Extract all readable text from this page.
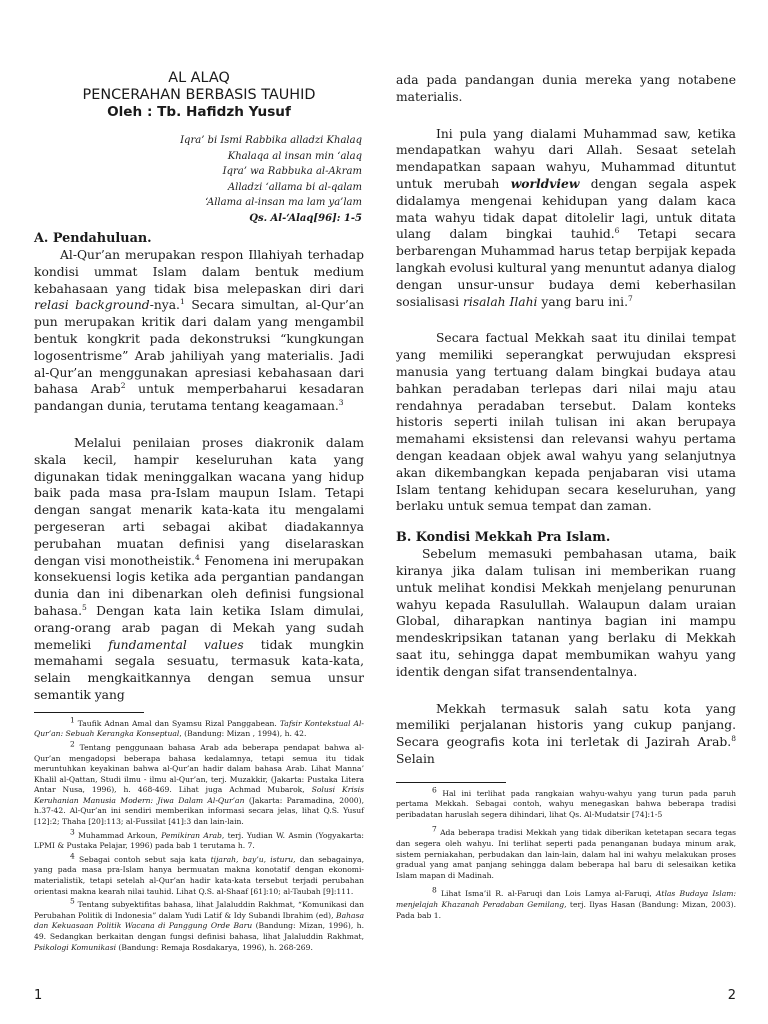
AL ALAQ
PENCERAHAN BERBASIS TAUHID
Oleh : Tb. Hafidzh Yusuf
Iqra’ bi Ismi Rabbika alladzi Khalaq
Khalaqa al insan min ‘alaq
Iqra’ wa Rabbuka al-Akram
Alladzi ‘allama bi al-qalam
‘Allama al-insan ma lam ya’lam
Qs. Al-‘Alaq[96]: 1-5
A. Pendahuluan.

Al-Qur’an merupakan respon Illahiyah terhadap kondisi ummat Islam dalam bentuk medium kebahasaan yang tidak bisa melepaskan diri dari relasi background-nya.$^1$ Secara simultan, al-Qur’an pun merupakan kritik dari dalam yang mengambil bentuk kongkrit pada dekonstruksi “kungkungan logosentrisme” Arab jahiliyah yang materialis. Jadi al-Qur’an menggunakan apresiasi kebahasaan dari bahasa Arab$^2$ untuk memperbaharui kesadaran pandangan dunia, terutama tentang keagamaan.$^3$

Melalui penilaian proses diakronik dalam skala kecil, hampir keseluruhan kata yang digunakan tidak meninggalkan wacana yang hidup baik pada masa pra-Islam maupun Islam. Tetapi dengan sangat menarik kata-kata itu mengalami pergeseran arti sebagai akibat diadakannya perubahan muatan definisi yang diselaraskan dengan visi monotheistik.$^4$ Fenomena ini merupakan konsekuensi logis ketika ada pergantian pandangan dunia dan ini dibenarkan oleh definisi fungsional bahasa.$^5$ Dengan kata lain ketika Islam dimulai, orang-orang arab pagan di Mekah yang sudah memeliki fundamental values tidak mungkin memahami segala sesuatu, termasuk kata-kata, selain mengkaitkannya dengan semua unsur semantik yang

$^1$ Taufik Adnan Amal dan Syamsu Rizal Panggabean. Tafsir Kontekstual Al-Qur’an: Sebuah Kerangka Konseptual, (Bandung: Mizan , 1994), h. 42.

$^2$ Tentang penggunaan bahasa Arab ada beberapa pendapat bahwa al-Qur’an mengadopsi beberapa bahasa kedalamnya, tetapi semua itu tidak meruntuhkan keyakinan bahwa al-Qur’an hadir dalam bahasa Arab. Lihat Manna’ Khalil al-Qattan, Studi ilmu - ilmu al-Qur’an, terj. Muzakkir, (Jakarta: Pustaka Litera Antar Nusa, 1996), h. 468-469. Lihat juga Achmad Mubarok, Solusi Krisis Keruhanian Manusia Modern: Jiwa Dalam Al-Qur’an (Jakarta: Paramadina, 2000), h.37-42. Al-Qur’an ini sendiri memberikan informasi secara jelas, lihat Q.S. Yusuf [12]:2; Thaha [20]:113; al-Fussilat [41]:3 dan lain-lain.

$^3$ Muhammad Arkoun, Pemikiran Arab, terj. Yudian W. Asmin (Yogyakarta: LPMI & Pustaka Pelajar, 1996) pada bab 1 terutama h. 7.

$^4$ Sebagai contoh sebut saja kata tijarah, bay’u, isturu, dan sebagainya, yang pada masa pra-Islam hanya bermuatan makna konotatif dengan ekonomi-materialistik, tetapi setelah al-Qur’an hadir kata-kata tersebut terjadi perubahan orientasi makna kearah nilai tauhid. Lihat Q.S. al-Shaaf [61]:10; al-Taubah [9]:111.

$^5$ Tentang subyektifitas bahasa, lihat Jalaluddin Rakhmat, “Komunikasi dan Perubahan Politik di Indonesia” dalam Yudi Latif & Idy Subandi Ibrahim (ed), Bahasa dan Kekuasaan Politik Wacana di Panggung Orde Baru (Bandung: Mizan, 1996), h. 49. Sedangkan berkaitan dengan fungsi definisi bahasa, lihat Jalaluddin Rakhmat, Psikologi Komunikasi (Bandung: Remaja Rosdakarya, 1996), h. 268-269.

1

ada pada pandangan dunia mereka yang notabene materialis.

Ini pula yang dialami Muhammad saw, ketika mendapatkan wahyu dari Allah. Sesaat setelah mendapatkan sapaan wahyu, Muhammad dituntut untuk merubah worldview dengan segala aspek didalamya mengenai kehidupan yang dalam kaca mata wahyu tidak dapat ditolelir lagi, untuk ditata ulang dalam bingkai tauhid.$^6$ Tetapi secara berbarengan Muhammad harus tetap berpijak kepada langkah evolusi kultural yang menuntut adanya dialog dengan unsur-unsur budaya demi keberhasilan sosialisasi risalah Ilahi yang baru ini.$^7$

Secara factual Mekkah saat itu dinilai tempat yang memiliki seperangkat perwujudan ekspresi manusia yang tertuang dalam bingkai budaya atau bahkan peradaban terlepas dari nilai maju atau rendahnya peradaban tersebut. Dalam konteks historis seperti inilah tulisan ini akan berupaya memahami eksistensi dan relevansi wahyu pertama dengan keadaan objek awal wahyu yang selanjutnya akan dikembangkan kepada penjabaran visi utama Islam tentang kehidupan secara keseluruhan, yang berlaku untuk semua tempat dan zaman.

B. Kondisi Mekkah Pra Islam.

Sebelum memasuki pembahasan utama, baik kiranya jika dalam tulisan ini memberikan ruang untuk melihat kondisi Mekkah menjelang penurunan wahyu kepada Rasulullah. Walaupun dalam uraian Global, diharapkan nantinya bagian ini mampu mendeskripsikan tatanan yang berlaku di Mekkah saat itu, sehingga dapat membumikan wahyu yang identik dengan sifat transendentalnya.

Mekkah termasuk salah satu kota yang memiliki perjalanan historis yang cukup panjang. Secara geografis kota ini terletak di Jazirah Arab.$^8$ Selain

$^6$ Hal ini terlihat pada rangkaian wahyu-wahyu yang turun pada paruh pertama Mekkah. Sebagai contoh, wahyu menegaskan bahwa beberapa tradisi peribadatan haruslah segera dihindari, lihat Qs. Al-Mudatsir [74]:1-5

$^7$ Ada beberapa tradisi Mekkah yang tidak diberikan ketetapan secara tegas dan segera oleh wahyu. Ini terlihat seperti pada penanganan budaya minum arak, sistem perniakahan, perbudakan dan lain-lain, dalam hal ini wahyu melakukan proses gradual yang amat panjang sehingga dalam beberapa hal baru di selesaikan ketika Islam mapan di Madinah.

$^8$ Lihat Isma’il R. al-Faruqi dan Lois Lamya al-Faruqi, Atlas Budaya Islam: menjelajah Khazanah Peradaban Gemilang, terj. Ilyas Hasan (Bandung: Mizan, 2003). Pada bab 1.

2
